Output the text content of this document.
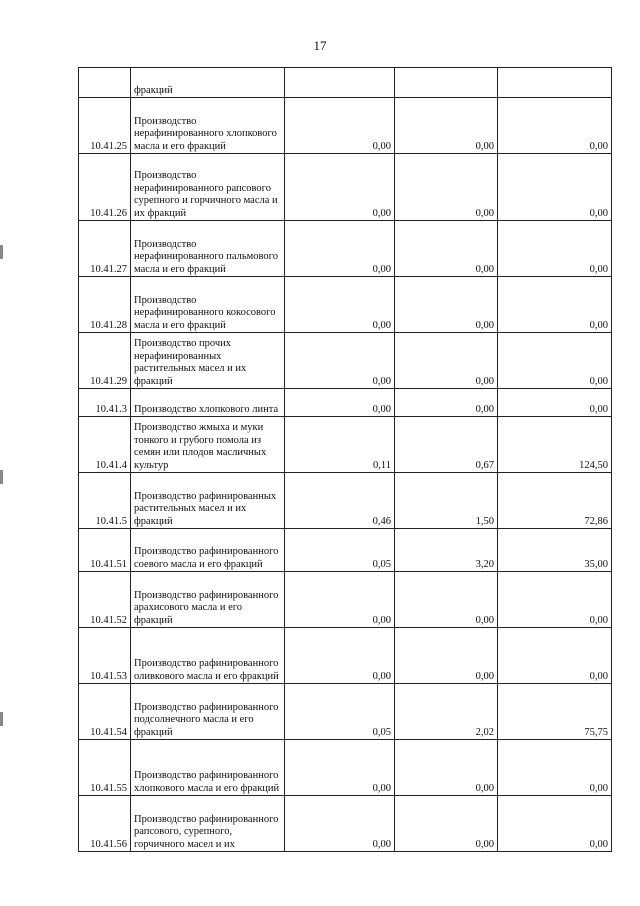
17
	фракций			
10.41.25	Производство нерафинированного хлопкового масла и его фракций	0,00	0,00	0,00
10.41.26	Производство нерафинированного рапсового сурепного и горчичного масла и их фракций	0,00	0,00	0,00
10.41.27	Производство нерафинированного пальмового масла и его фракций	0,00	0,00	0,00
10.41.28	Производство нерафинированного кокосового масла и его фракций	0,00	0,00	0,00
10.41.29	Производство прочих нерафинированных растительных масел и их фракций	0,00	0,00	0,00
10.41.3	Производство хлопкового линта	0,00	0,00	0,00
10.41.4	Производство жмыха и муки тонкого и грубого помола из семян или плодов масличных культур	0,11	0,67	124,50
10.41.5	Производство рафинированных растительных масел и их фракций	0,46	1,50	72,86
10.41.51	Производство рафинированного соевого масла и его фракций	0,05	3,20	35,00
10.41.52	Производство рафинированного арахисового масла и его фракций	0,00	0,00	0,00
10.41.53	Производство рафинированного оливкового масла и его фракций	0,00	0,00	0,00
10.41.54	Производство рафинированного подсолнечного масла и его фракций	0,05	2,02	75,75
10.41.55	Производство рафинированного хлопкового масла и его фракций	0,00	0,00	0,00
10.41.56	Производство рафинированного рапсового, сурепного, горчичного масел и их	0,00	0,00	0,00
